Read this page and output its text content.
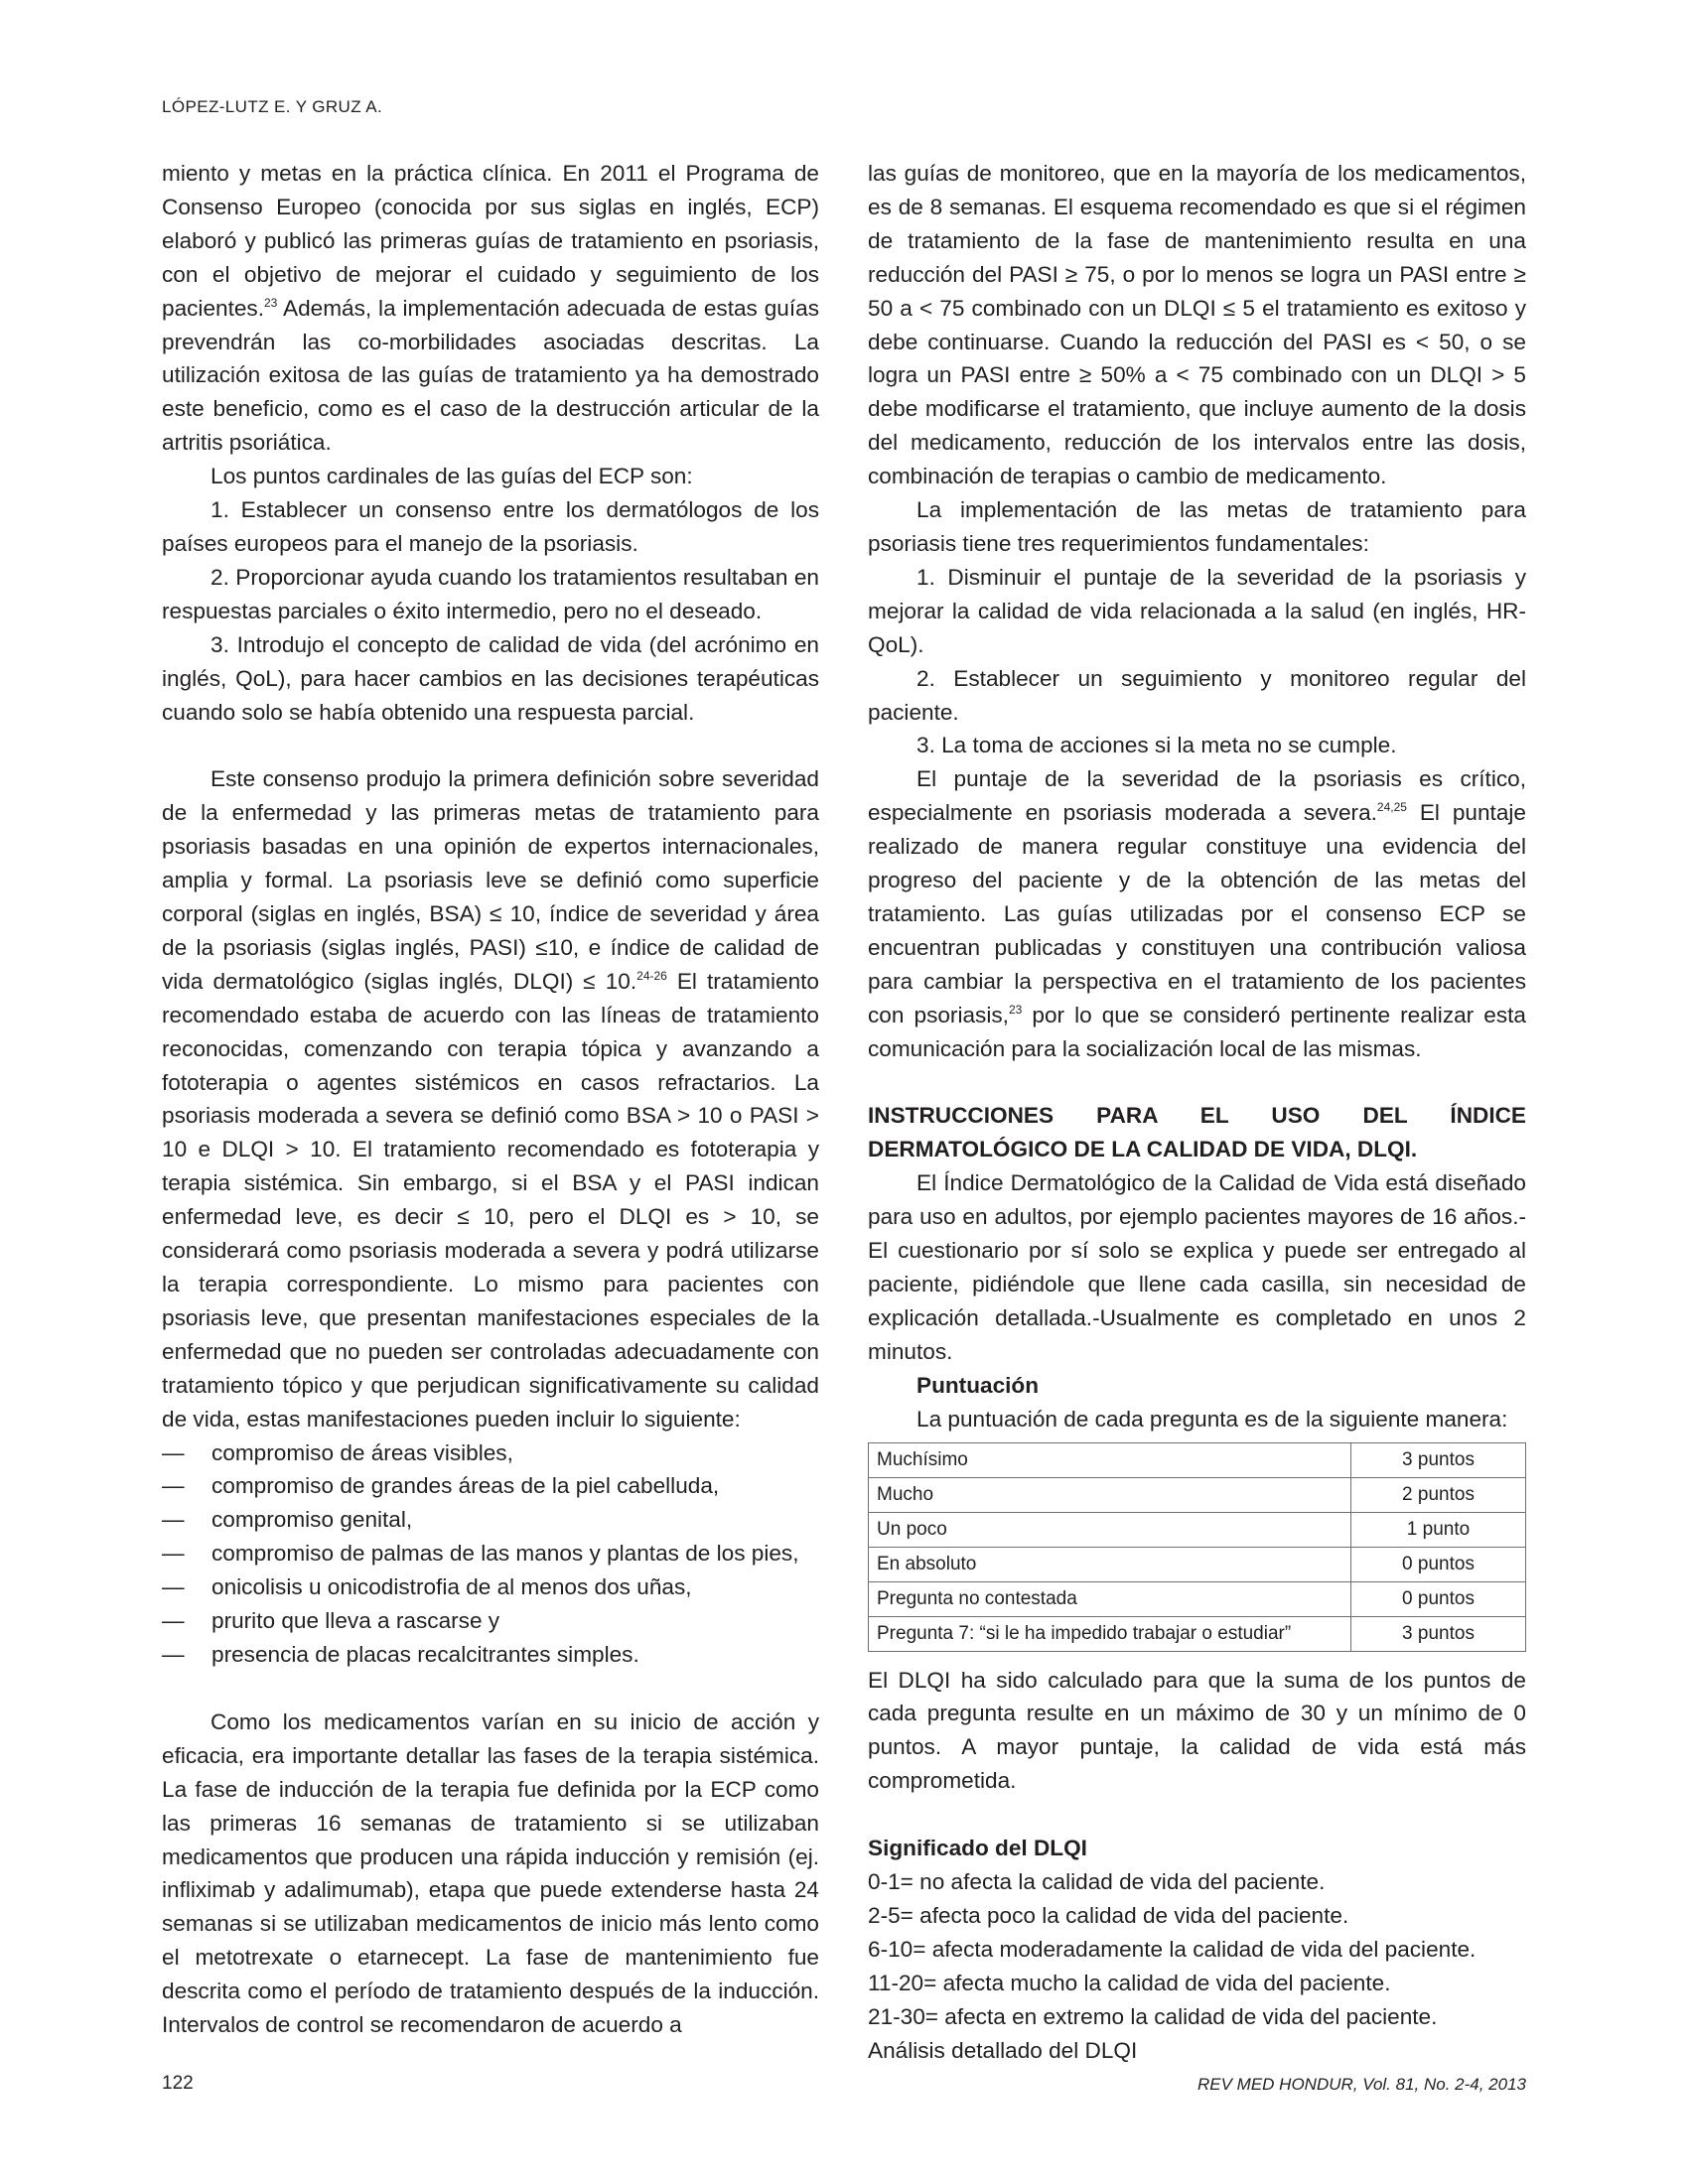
LÓPEZ-LUTZ E. Y GRUZ A.

miento y metas en la práctica clínica. En 2011 el Programa de Consenso Europeo (conocida por sus siglas en inglés, ECP) elaboró y publicó las primeras guías de tratamiento en psoriasis, con el objetivo de mejorar el cuidado y seguimiento de los pacientes.$^{23}$ Además, la implementación adecuada de estas guías prevendrán las co-morbilidades asociadas descritas. La utilización exitosa de las guías de tratamiento ya ha demostrado este beneficio, como es el caso de la destrucción articular de la artritis psoriática.

Los puntos cardinales de las guías del ECP son:

1. Establecer un consenso entre los dermatólogos de los países europeos para el manejo de la psoriasis.

2. Proporcionar ayuda cuando los tratamientos resultaban en respuestas parciales o éxito intermedio, pero no el deseado.

3. Introdujo el concepto de calidad de vida (del acrónimo en inglés, QoL), para hacer cambios en las decisiones terapéuticas cuando solo se había obtenido una respuesta parcial.

Este consenso produjo la primera definición sobre severidad de la enfermedad y las primeras metas de tratamiento para psoriasis basadas en una opinión de expertos internacionales, amplia y formal. La psoriasis leve se definió como superficie corporal (siglas en inglés, BSA) ≤ 10, índice de severidad y área de la psoriasis (siglas inglés, PASI) ≤10, e índice de calidad de vida dermatológico (siglas inglés, DLQI) ≤ 10.$^{24-26}$ El tratamiento recomendado estaba de acuerdo con las líneas de tratamiento reconocidas, comenzando con terapia tópica y avanzando a fototerapia o agentes sistémicos en casos refractarios. La psoriasis moderada a severa se definió como BSA > 10 o PASI > 10 e DLQI > 10. El tratamiento recomendado es fototerapia y terapia sistémica. Sin embargo, si el BSA y el PASI indican enfermedad leve, es decir ≤ 10, pero el DLQI es > 10, se considerará como psoriasis moderada a severa y podrá utilizarse la terapia correspondiente. Lo mismo para pacientes con psoriasis leve, que presentan manifestaciones especiales de la enfermedad que no pueden ser controladas adecuadamente con tratamiento tópico y que perjudican significativamente su calidad de vida, estas manifestaciones pueden incluir lo siguiente:

—	compromiso de áreas visibles,
—	compromiso de grandes áreas de la piel cabelluda,
—	compromiso genital,
—	compromiso de palmas de las manos y plantas de los pies,
—	onicolisis u onicodistrofia de al menos dos uñas,
—	prurito que lleva a rascarse y
—	presencia de placas recalcitrantes simples.

Como los medicamentos varían en su inicio de acción y eficacia, era importante detallar las fases de la terapia sistémica. La fase de inducción de la terapia fue definida por la ECP como las primeras 16 semanas de tratamiento si se utilizaban medicamentos que producen una rápida inducción y remisión (ej. infliximab y adalimumab), etapa que puede extenderse hasta 24 semanas si se utilizaban medicamentos de inicio más lento como el metotrexate o etarnecept. La fase de mantenimiento fue descrita como el período de tratamiento después de la inducción. Intervalos de control se recomendaron de acuerdo a

las guías de monitoreo, que en la mayoría de los medicamentos, es de 8 semanas. El esquema recomendado es que si el régimen de tratamiento de la fase de mantenimiento resulta en una reducción del PASI ≥ 75, o por lo menos se logra un PASI entre ≥ 50 a < 75 combinado con un DLQI ≤ 5 el tratamiento es exitoso y debe continuarse. Cuando la reducción del PASI es < 50, o se logra un PASI entre ≥ 50% a < 75 combinado con un DLQI > 5 debe modificarse el tratamiento, que incluye aumento de la dosis del medicamento, reducción de los intervalos entre las dosis, combinación de terapias o cambio de medicamento.

La implementación de las metas de tratamiento para psoriasis tiene tres requerimientos fundamentales:

1. Disminuir el puntaje de la severidad de la psoriasis y mejorar la calidad de vida relacionada a la salud (en inglés, HR-QoL).

2. Establecer un seguimiento y monitoreo regular del paciente.

3. La toma de acciones si la meta no se cumple.

El puntaje de la severidad de la psoriasis es crítico, especialmente en psoriasis moderada a severa.$^{24,25}$ El puntaje realizado de manera regular constituye una evidencia del progreso del paciente y de la obtención de las metas del tratamiento. Las guías utilizadas por el consenso ECP se encuentran publicadas y constituyen una contribución valiosa para cambiar la perspectiva en el tratamiento de los pacientes con psoriasis,$^{23}$ por lo que se consideró pertinente realizar esta comunicación para la socialización local de las mismas.

INSTRUCCIONES PARA EL USO DEL ÍNDICE DERMATOLÓGICO DE LA CALIDAD DE VIDA, DLQI.

El Índice Dermatológico de la Calidad de Vida está diseñado para uso en adultos, por ejemplo pacientes mayores de 16 años.- El cuestionario por sí solo se explica y puede ser entregado al paciente, pidiéndole que llene cada casilla, sin necesidad de explicación detallada.-Usualmente es completado en unos 2 minutos.

Puntuación

La puntuación de cada pregunta es de la siguiente manera:

Muchísimo	3 puntos
Mucho	2 puntos
Un poco	1 punto
En absoluto	0 puntos
Pregunta no contestada	0 puntos
Pregunta 7: “si le ha impedido trabajar o estudiar”	3 puntos

El DLQI ha sido calculado para que la suma de los puntos de cada pregunta resulte en un máximo de 30 y un mínimo de 0 puntos. A mayor puntaje, la calidad de vida está más comprometida.

Significado del DLQI

0-1= no afecta la calidad de vida del paciente.

2-5= afecta poco la calidad de vida del paciente.

6-10= afecta moderadamente la calidad de vida del paciente.

11-20= afecta mucho la calidad de vida del paciente.

21-30= afecta en extremo la calidad de vida del paciente.

Análisis detallado del DLQI

122	REV MED HONDUR, Vol. 81, No. 2-4, 2013
